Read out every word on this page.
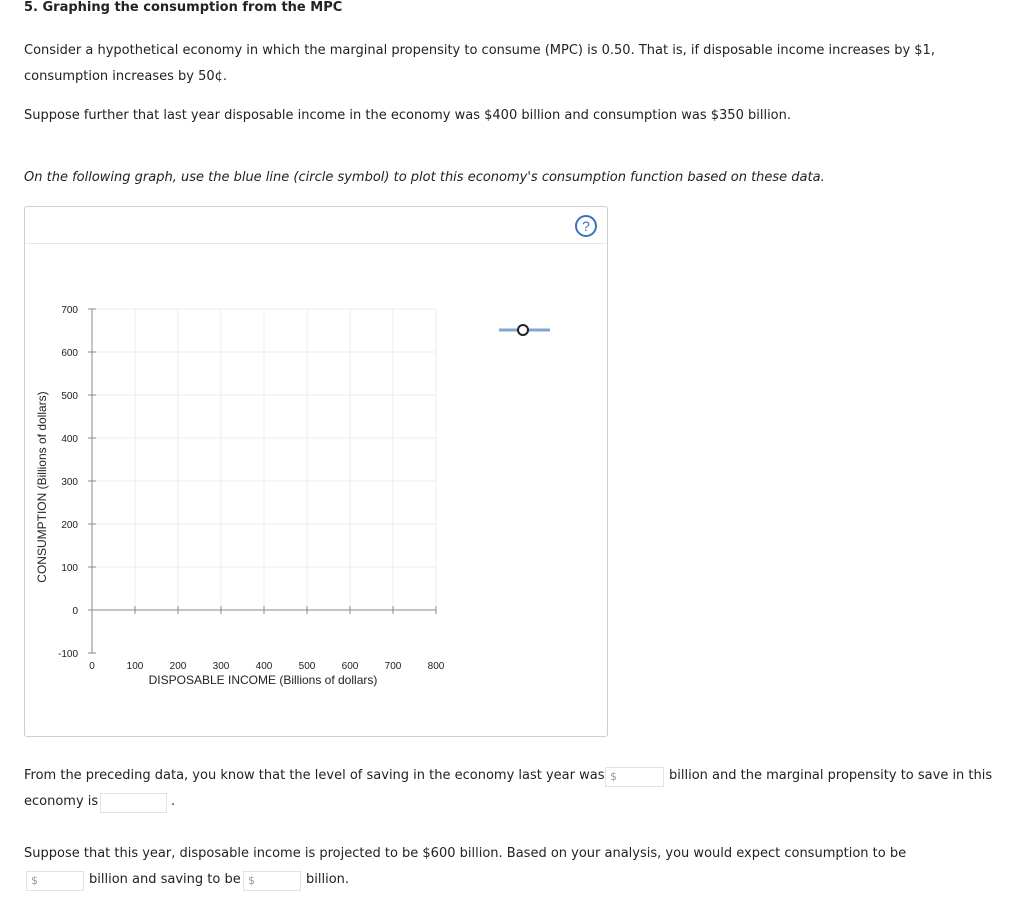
5. Graphing the consumption from the MPC
Consider a hypothetical economy in which the marginal propensity to consume (MPC) is 0.50. That is, if disposable income increases by $1,
consumption increases by 50¢.
Suppose further that last year disposable income in the economy was $400 billion and consumption was $350 billion.
On the following graph, use the blue line (circle symbol) to plot this economy's consumption function based on these data.
?
0	100	200	300	400	500	600	700	800
-100
0
100
200
300
400
500
600
700
CONSUMPTION (Billions of dollars)
DISPOSABLE INCOME (Billions of dollars)
From the preceding data, you know that the level of saving in the economy last year was $	billion and the marginal propensity to save in this
economy is	.
Suppose that this year, disposable income is projected to be $600 billion. Based on your analysis, you would expect consumption to be
$	billion and saving to be $	billion.
